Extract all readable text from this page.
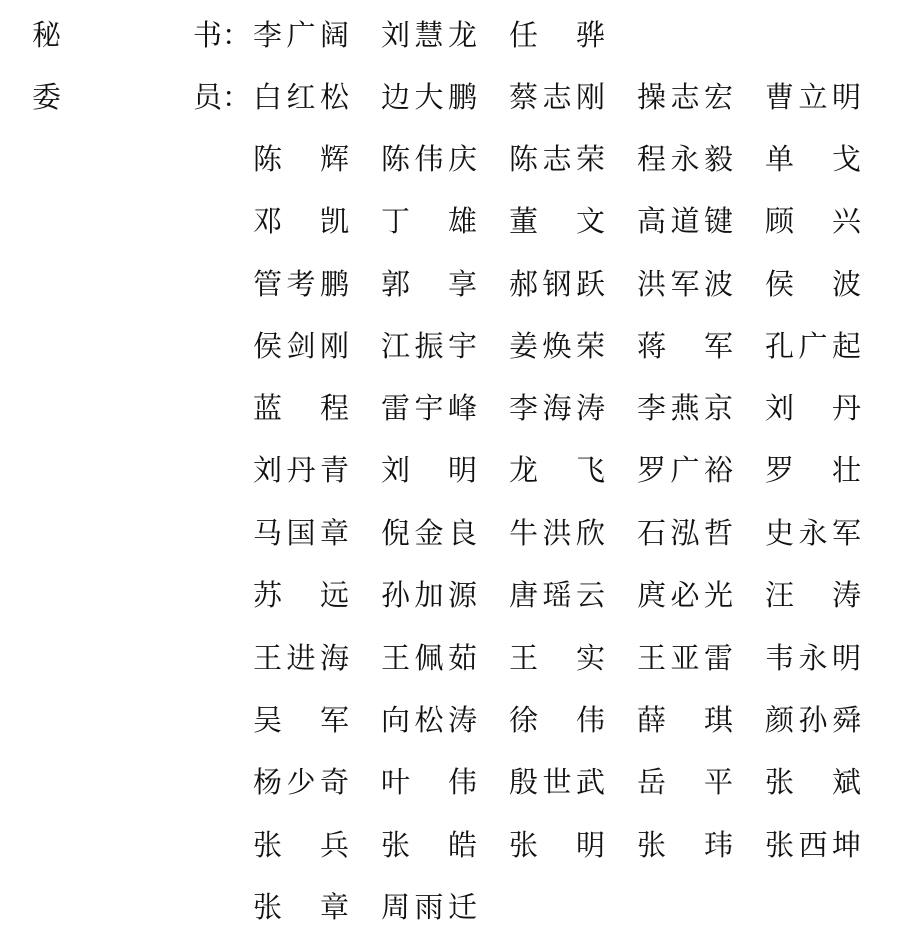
秘	书： 李 广 阔 刘 慧 龙 任 骅
委	员： 白 红 松 边 大 鹏 蔡 志 刚 操 志 宏 曹 立 明
陈 辉 陈 伟 庆 陈 志 荣 程 永 毅 单 戈
邓 凯 丁 雄 董 文 高 道 键 顾 兴
管 考 鹏 郭 享 郝 钢 跃 洪 军 波 侯 波
侯 剑 刚 江 振 宇 姜 焕 荣 蒋 军 孔 广 起
蓝 程 雷 宇 峰 李 海 涛 李 燕 京 刘 丹
刘 丹 青 刘 明 龙 飞 罗 广 裕 罗 壮
马 国 章 倪 金 良 牛 洪 欣 石 泓 哲 史 永 军
苏 远 孙 加 源 唐 瑶 云 庹 必 光 汪 涛
王 进 海 王 佩 茹 王 实 王 亚 雷 韦 永 明
吴 军 向 松 涛 徐 伟 薛 琪 颜 孙 舜
杨 少 奇 叶 伟 殷 世 武 岳 平 张 斌
张 兵 张 皓 张 明 张 玮 张 西 坤
张 章 周 雨 迁
